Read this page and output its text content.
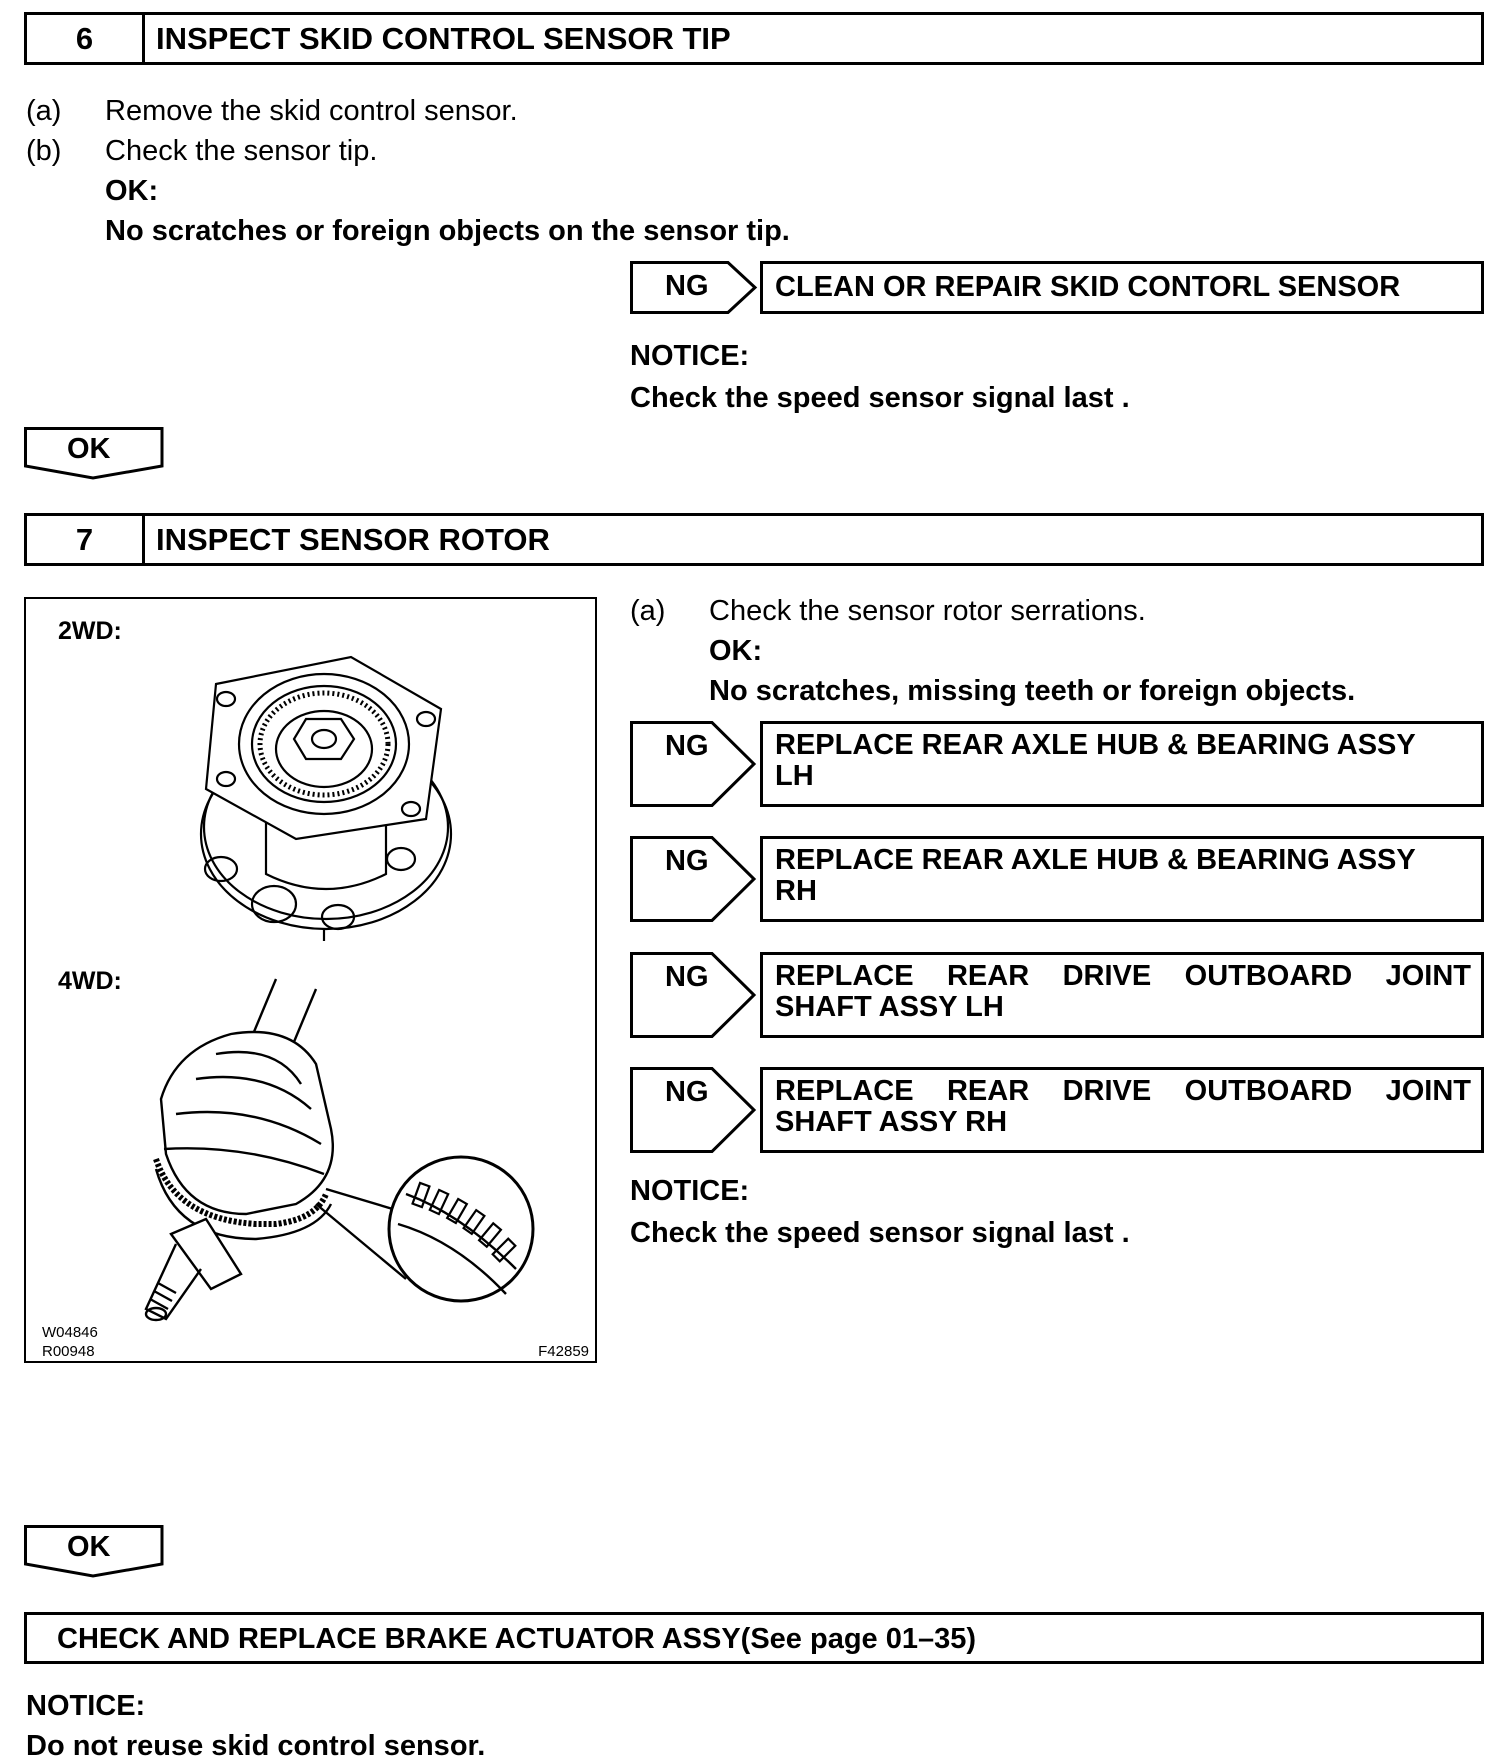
6	INSPECT SKID CONTROL SENSOR TIP
(a) Remove the skid control sensor.
(b) Check the sensor tip.
OK:
No scratches or foreign objects on the sensor tip.
NG CLEAN OR REPAIR SKID CONTORL SENSOR
NOTICE:
Check the speed sensor signal last .
OK
7	INSPECT SENSOR ROTOR
2WD:
4WD:
W04846
R00948	F42859
(a) Check the sensor rotor serrations.
OK:
No scratches, missing teeth or foreign objects.
NG REPLACE REAR AXLE HUB & BEARING ASSY
LH
NG REPLACE REAR AXLE HUB & BEARING ASSY
RH
NG REPLACE REAR DRIVE OUTBOARD JOINT
SHAFT ASSY LH
NG REPLACE REAR DRIVE OUTBOARD JOINT
SHAFT ASSY RH
NOTICE:
Check the speed sensor signal last .
OK
CHECK AND REPLACE BRAKE ACTUATOR ASSY(See page 01–35)
NOTICE:
Do not reuse skid control sensor.
